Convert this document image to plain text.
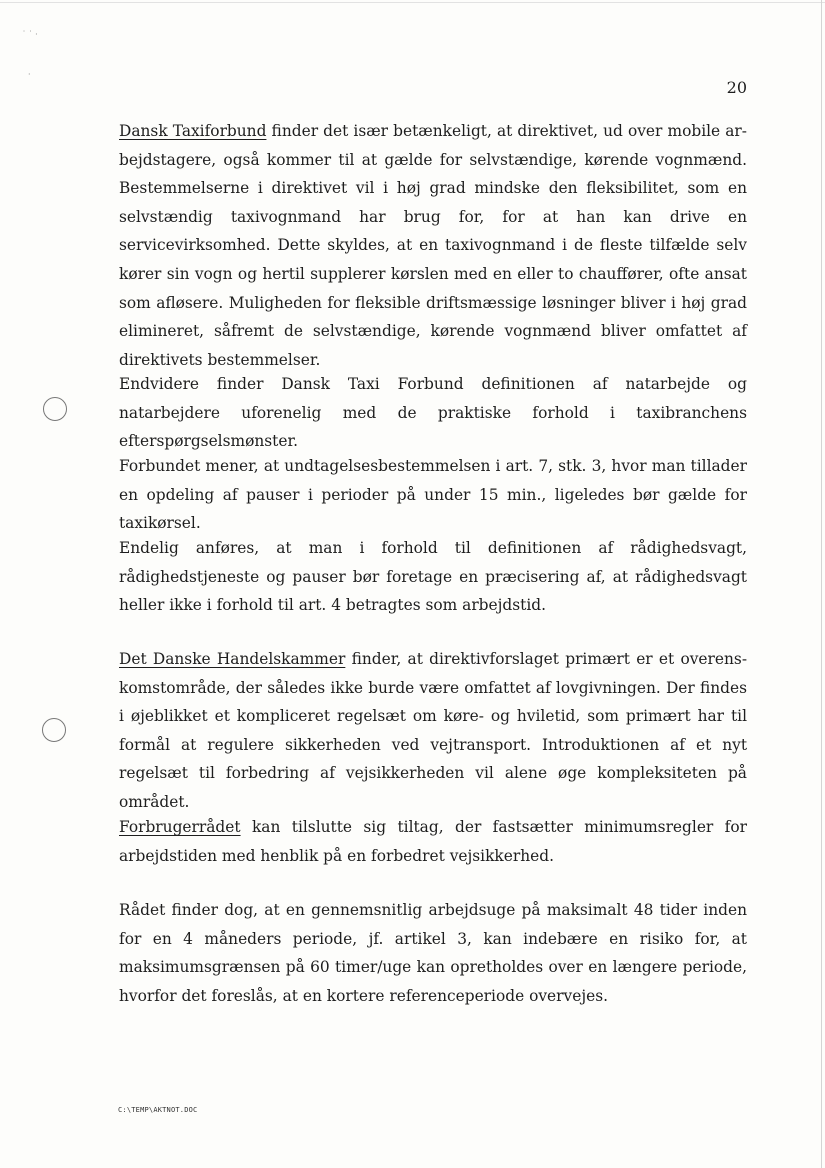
˙ ˙ ·
·
20
Dansk Taxiforbund finder det især betænkeligt, at direktivet, ud over mobile arbejdstagere, også kommer til at gælde for selvstændige, kørende vognmænd. Bestemmelserne i direktivet vil i høj grad mindske den fleksibilitet, som en selvstændig taxivognmand har brug for, for at han kan drive en servicevirksomhed. Dette skyldes, at en taxivognmand i de fleste tilfælde selv kører sin vogn og hertil supplerer kørslen med en eller to chauffører, ofte ansat som afløsere. Muligheden for fleksible driftsmæssige løsninger bliver i høj grad elimineret, såfremt de selvstændige, kørende vognmænd bliver omfattet af direktivets bestemmelser.
Endvidere finder Dansk Taxi Forbund definitionen af natarbejde og natarbejdere uforenelig med de praktiske forhold i taxibranchens efterspørgselsmønster.
Forbundet mener, at undtagelsesbestemmelsen i art. 7, stk. 3, hvor man tillader en opdeling af pauser i perioder på under 15 min., ligeledes bør gælde for taxikørsel.
Endelig anføres, at man i forhold til definitionen af rådighedsvagt, rådighedstjeneste og pauser bør foretage en præcisering af, at rådighedsvagt heller ikke i forhold til art. 4 betragtes som arbejdstid.
Det Danske Handelskammer finder, at direktivforslaget primært er et overenskomstområde, der således ikke burde være omfattet af lovgivningen. Der findes i øjeblikket et kompliceret regelsæt om køre- og hviletid, som primært har til formål at regulere sikkerheden ved vejtransport. Introduktionen af et nyt regelsæt til forbedring af vejsikkerheden vil alene øge kompleksiteten på området.
Forbrugerrådet kan tilslutte sig tiltag, der fastsætter minimumsregler for arbejdstiden med henblik på en forbedret vejsikkerhed.
Rådet finder dog, at en gennemsnitlig arbejdsuge på maksimalt 48 tider inden for en 4 måneders periode, jf. artikel 3, kan indebære en risiko for, at maksimumsgrænsen på 60 timer/uge kan opretholdes over en længere periode, hvorfor det foreslås, at en kortere referenceperiode overvejes.
C:\TEMP\AKTNOT.DOC
